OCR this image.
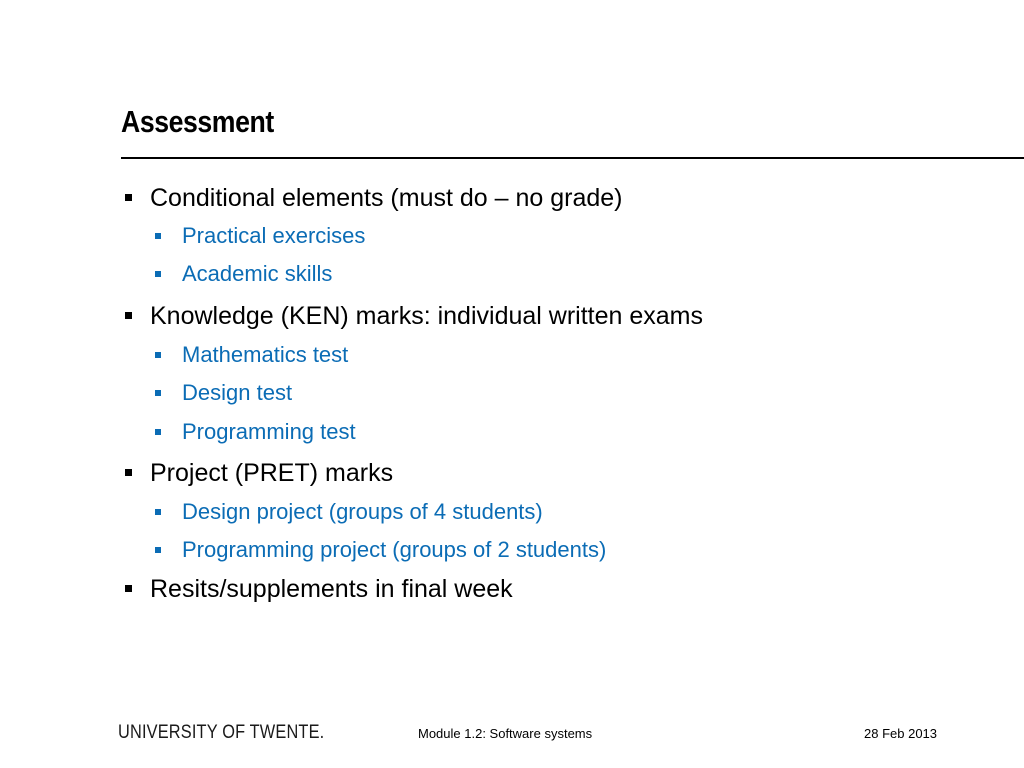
Assessment
Conditional elements (must do – no grade)
Practical exercises
Academic skills
Knowledge (KEN) marks: individual written exams
Mathematics test
Design test
Programming test
Project (PRET) marks
Design project (groups of 4 students)
Programming project (groups of 2 students)
Resits/supplements in final week
UNIVERSITY OF TWENTE.	Module 1.2: Software systems	28 Feb 2013
